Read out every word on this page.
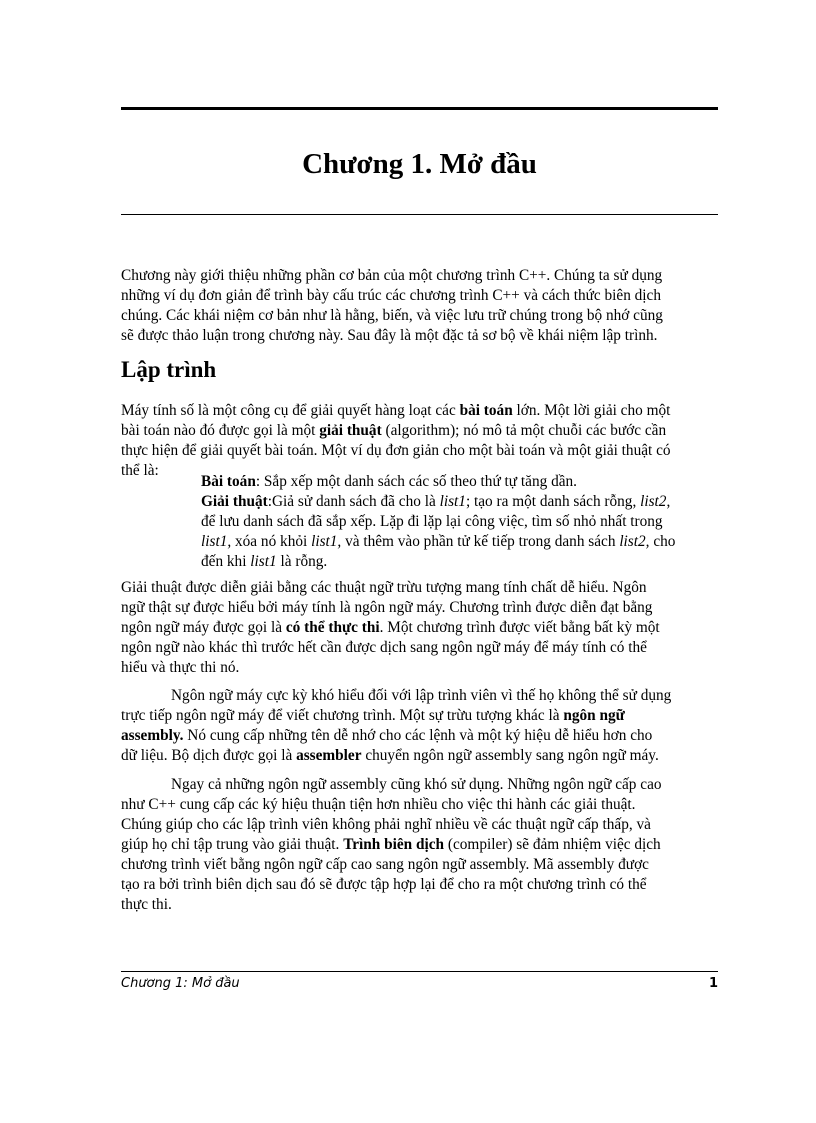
Chương 1. Mở đầu

Chương này giới thiệu những phần cơ bản của một chương trình C++. Chúng ta sử dụng
những ví dụ đơn giản để trình bày cấu trúc các chương trình C++ và cách thức biên dịch
chúng. Các khái niệm cơ bản như là hằng, biến, và việc lưu trữ chúng trong bộ nhớ cũng
sẽ được thảo luận trong chương này. Sau đây là một đặc tả sơ bộ về khái niệm lập trình.

Lập trình

Máy tính số là một công cụ để giải quyết hàng loạt các bài toán lớn. Một lời giải cho một
bài toán nào đó được gọi là một giải thuật (algorithm); nó mô tả một chuỗi các bước cần
thực hiện để giải quyết bài toán. Một ví dụ đơn giản cho một bài toán và một giải thuật có
thể là:

Bài toán: Sắp xếp một danh sách các số theo thứ tự tăng dần.
Giải thuật:Giả sử danh sách đã cho là list1; tạo ra một danh sách rỗng, list2,
để lưu danh sách đã sắp xếp. Lặp đi lặp lại công việc, tìm số nhỏ nhất trong
list1, xóa nó khỏi list1, và thêm vào phần tử kế tiếp trong danh sách list2, cho
đến khi list1 là rỗng.

Giải thuật được diễn giải bằng các thuật ngữ trừu tượng mang tính chất dễ hiểu. Ngôn
ngữ thật sự được hiểu bởi máy tính là ngôn ngữ máy. Chương trình được diễn đạt bằng
ngôn ngữ máy được gọi là có thể thực thi. Một chương trình được viết bằng bất kỳ một
ngôn ngữ nào khác thì trước hết cần được dịch sang ngôn ngữ máy để máy tính có thể
hiểu và thực thi nó.

Ngôn ngữ máy cực kỳ khó hiểu đối với lập trình viên vì thế họ không thể sử dụng
trực tiếp ngôn ngữ máy để viết chương trình. Một sự trừu tượng khác là ngôn ngữ
assembly. Nó cung cấp những tên dễ nhớ cho các lệnh và một ký hiệu dễ hiểu hơn cho
dữ liệu. Bộ dịch được gọi là assembler chuyển ngôn ngữ assembly sang ngôn ngữ máy.

Ngay cả những ngôn ngữ assembly cũng khó sử dụng. Những ngôn ngữ cấp cao
như C++ cung cấp các ký hiệu thuận tiện hơn nhiều cho việc thi hành các giải thuật.
Chúng giúp cho các lập trình viên không phải nghĩ nhiều về các thuật ngữ cấp thấp, và
giúp họ chỉ tập trung vào giải thuật. Trình biên dịch (compiler) sẽ đảm nhiệm việc dịch
chương trình viết bằng ngôn ngữ cấp cao sang ngôn ngữ assembly. Mã assembly được
tạo ra bởi trình biên dịch sau đó sẽ được tập hợp lại để cho ra một chương trình có thể
thực thi.

Chương 1: Mở đầu	1
